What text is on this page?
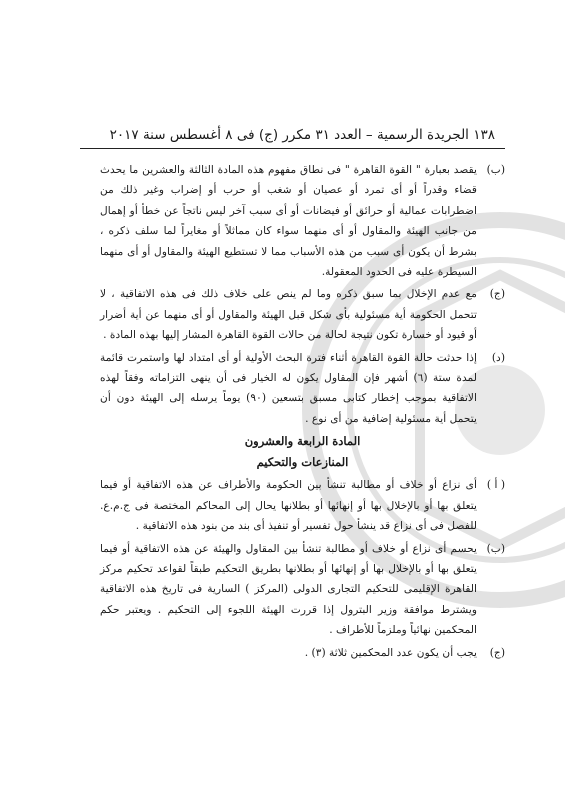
١٣٨ الجريدة الرسمية – العدد ٣١ مكرر (ج) فى ٨ أغسطس سنة ٢٠١٧
(ب)
يقصد بعبارة " القوة القاهرة " فى نطاق مفهوم هذه المادة الثالثة والعشرين ما يحدث قضاء وقدراً أو أى تمرد أو عصيان أو شغب أو حرب أو إضراب وغير ذلك من اضطرابات عمالية أو حرائق أو فيضانات أو أى سبب آخر ليس ناتجاً عن خطأ أو إهمال من جانب الهيئة والمقاول أو أى منهما سواء كان مماثلاً أو مغايراً لما سلف ذكره ، بشرط أن يكون أى سبب من هذه الأسباب مما لا تستطيع الهيئة والمقاول أو أى منهما السيطرة عليه فى الحدود المعقولة.
(ج)
مع عدم الإخلال بما سبق ذكره وما لم ينص على خلاف ذلك فى هذه الاتفاقية ، لا تتحمل الحكومة أية مسئولية بأى شكل قبل الهيئة والمقاول أو أى منهما عن أية أضرار أو قيود أو خسارة تكون نتيجة لحالة من حالات القوة القاهرة المشار إليها بهذه المادة .
(د)
إذا حدثت حالة القوة القاهرة أثناء فترة البحث الأولية أو أى امتداد لها واستمرت قائمة لمدة ستة (٦) أشهر فإن المقاول يكون له الخيار فى أن ينهى التزاماته وفقاً لهذه الاتفاقية بموجب إخطار كتابى مسبق بتسعين (٩٠) يوماً يرسله إلى الهيئة دون أن يتحمل أية مسئولية إضافية من أى نوع .
المادة الرابعة والعشرون
المنازعات والتحكيم
( أ )
أى نزاع أو خلاف أو مطالبة تنشأ بين الحكومة والأطراف عن هذه الاتفاقية أو فيما يتعلق بها أو بالإخلال بها أو إنهائها أو بطلانها يحال إلى المحاكم المختصة فى ج.م.ع. للفصل فى أى نزاع قد ينشأ حول تفسير أو تنفيذ أى بند من بنود هذه الاتفاقية .
(ب)
يحسم أى نزاع أو خلاف أو مطالبة تنشأ بين المقاول والهيئة عن هذه الاتفاقية أو فيما يتعلق بها أو بالإخلال بها أو إنهائها أو بطلانها بطريق التحكيم طبقاً لقواعد تحكيم مركز القاهرة الإقليمى للتحكيم التجارى الدولى (المركز ) السارية فى تاريخ هذه الاتفاقية ويشترط موافقة وزير البترول إذا قررت الهيئة اللجوء إلى التحكيم . ويعتبر حكم المحكمين نهائياً وملزماً للأطراف .
(ج)
يجب أن يكون عدد المحكمين ثلاثة (٣) .
